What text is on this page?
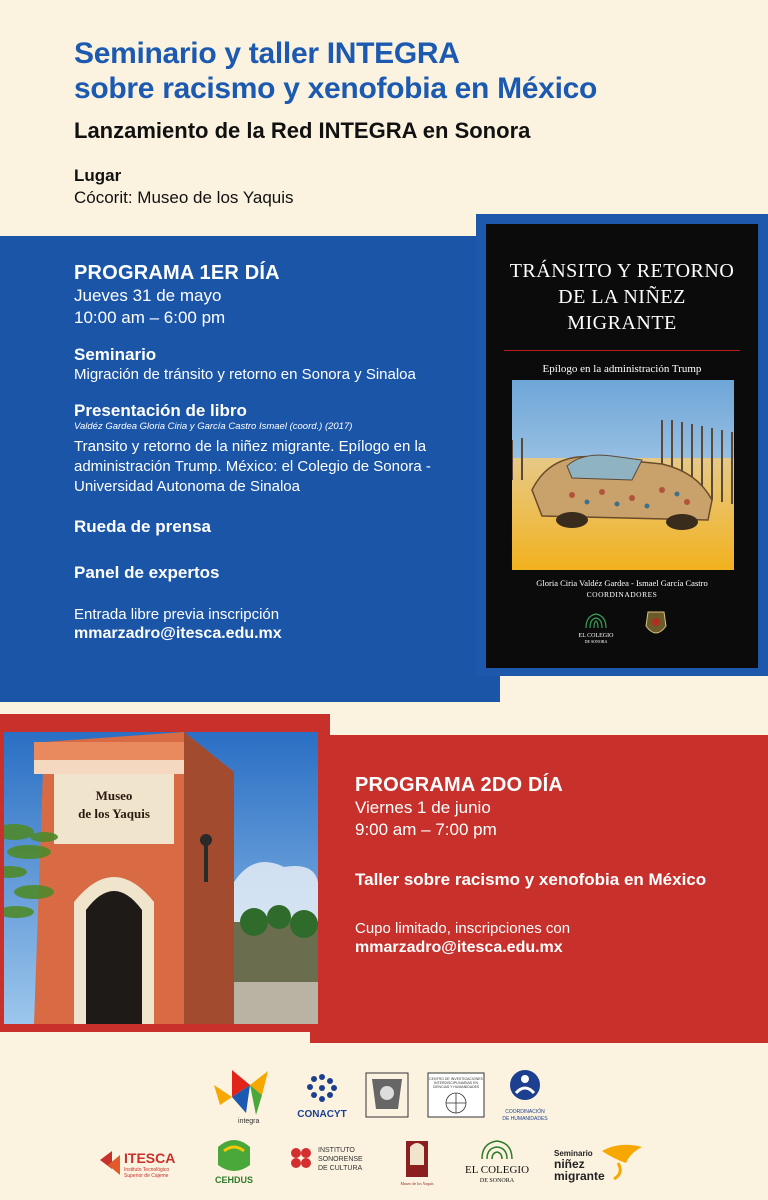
Seminario y taller INTEGRA
sobre racismo y xenofobia en México
Lanzamiento de la Red INTEGRA en Sonora
Lugar
Cócorit: Museo de los Yaquis
PROGRAMA 1ER DÍA
Jueves 31 de mayo
10:00 am – 6:00 pm
Seminario
Migración de tránsito y retorno en Sonora y Sinaloa
Presentación de libro
Valdéz Gardea Gloria Ciria y García Castro Ismael (coord.) (2017)
Transito y retorno de la niñez migrante. Epílogo en la administración Trump. México: el Colegio de Sonora - Universidad Autonoma de Sinaloa
Rueda de prensa
Panel de expertos
Entrada libre previa inscripción
mmarzadro@itesca.edu.mx
TRÁNSITO Y RETORNO
DE LA NIÑEZ
MIGRANTE
Epílogo en la administración Trump
Gloria Ciria Valdéz Gardea - Ismael García Castro
COORDINADORES
EL COLEGIO
DE SONORA
Museo
de los Yaquis
PROGRAMA 2DO DÍA
Viernes 1 de junio
9:00 am – 7:00 pm
Taller sobre racismo y xenofobia en México
Cupo limitado, inscripciones con
mmarzadro@itesca.edu.mx
integra
CONACYT
CENTRO DE INVESTIGACIONES
INTERDISCIPLINARIAS EN
CIENCIAS Y HUMANIDADES
COORDINACIÓN
DE HUMANIDADES
ITESCA
Instituto Tecnológico
Superior de Cajeme	CEHDUS
INSTITUTO
SONORENSE
DE CULTURA
Museo de los Yaquis
EL COLEGIO
DE SONORA
Seminario
niñez
migrante
